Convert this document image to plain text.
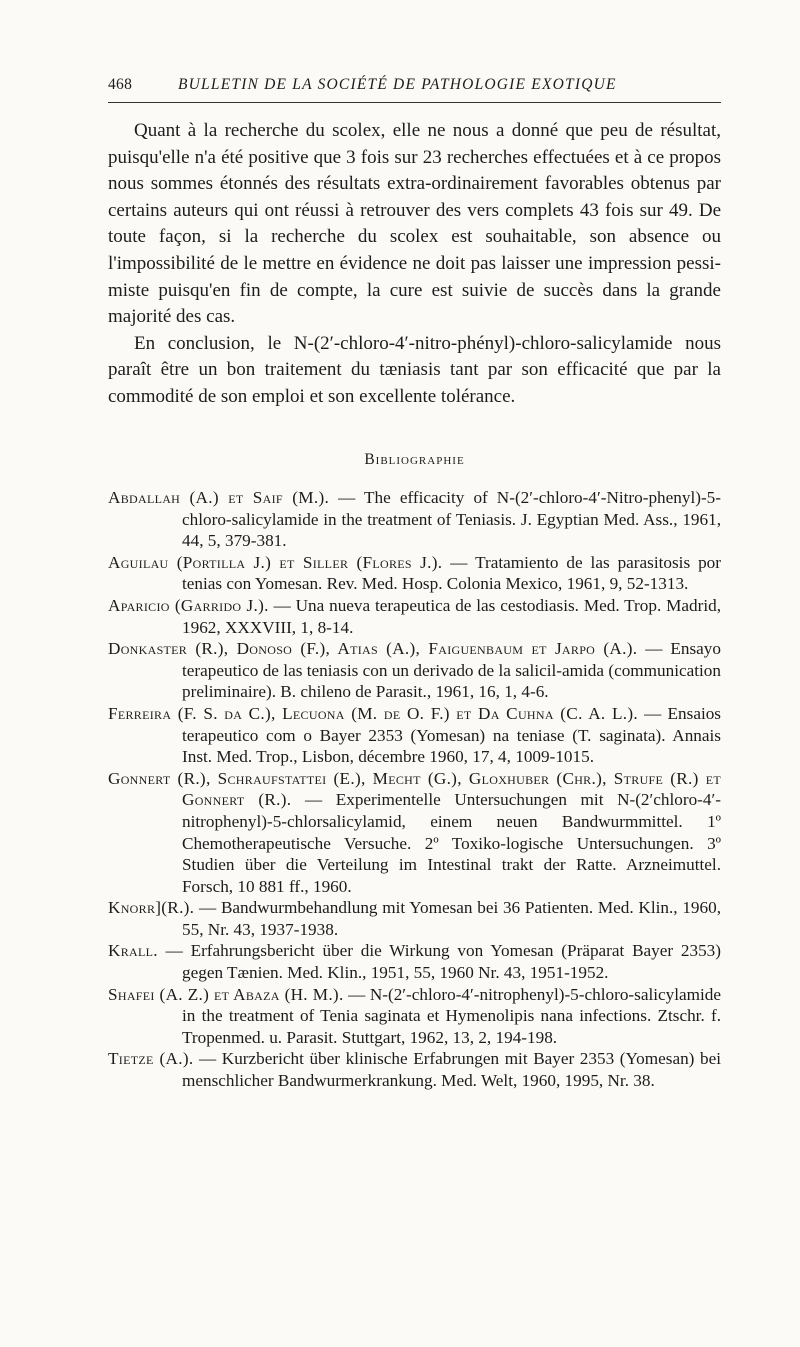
468	BULLETIN DE LA SOCIÉTÉ DE PATHOLOGIE EXOTIQUE

Quant à la recherche du scolex, elle ne nous a donné que peu de résultat, puisqu'elle n'a été positive que 3 fois sur 23 recherches effectuées et à ce propos nous sommes étonnés des résultats extra-ordinairement favorables obtenus par certains auteurs qui ont réussi à retrouver des vers complets 43 fois sur 49. De toute façon, si la recherche du scolex est souhaitable, son absence ou l'impossibilité de le mettre en évidence ne doit pas laisser une impression pessi-miste puisqu'en fin de compte, la cure est suivie de succès dans la grande majorité des cas.

En conclusion, le N-(2′-chloro-4′-nitro-phényl)-chloro-salicylamide nous paraît être un bon traitement du tæniasis tant par son efficacité que par la commodité de son emploi et son excellente tolérance.

Bibliographie

Abdallah (A.) et Saif (M.). — The efficacity of N-(2′-chloro-4′-Nitro-phenyl)-5-chloro-salicylamide in the treatment of Teniasis. J. Egyptian Med. Ass., 1961, 44, 5, 379-381.

Aguilau (Portilla J.) et Siller (Flores J.). — Tratamiento de las parasitosis por tenias con Yomesan. Rev. Med. Hosp. Colonia Mexico, 1961, 9, 52-1313.

Aparicio (Garrido J.). — Una nueva terapeutica de las cestodiasis. Med. Trop. Madrid, 1962, XXXVIII, 1, 8-14.

Donkaster (R.), Donoso (F.), Atias (A.), Faiguenbaum et Jarpo (A.). — Ensayo terapeutico de las teniasis con un derivado de la salicil-amida (communication preliminaire). B. chileno de Parasit., 1961, 16, 1, 4-6.

Ferreira (F. S. da C.), Lecuona (M. de O. F.) et Da Cuhna (C. A. L.). — Ensaios terapeutico com o Bayer 2353 (Yomesan) na teniase (T. saginata). Annais Inst. Med. Trop., Lisbon, décembre 1960, 17, 4, 1009-1015.

Gonnert (R.), Schraufstattei (E.), Mecht (G.), Gloxhuber (Chr.), Strufe (R.) et Gonnert (R.). — Experimentelle Untersuchungen mit N-(2′chloro-4′-nitrophenyl)-5-chlorsalicylamid, einem neuen Bandwurmmittel. 1º Chemotherapeutische Versuche. 2º Toxiko-logische Untersuchungen. 3º Studien über die Verteilung im Intestinal trakt der Ratte. Arzneimuttel. Forsch, 10 881 ff., 1960.

Knorr](R.). — Bandwurmbehandlung mit Yomesan bei 36 Patienten. Med. Klin., 1960, 55, Nr. 43, 1937-1938.

Krall. — Erfahrungsbericht über die Wirkung von Yomesan (Präparat Bayer 2353) gegen Tænien. Med. Klin., 1951, 55, 1960 Nr. 43, 1951-1952.

Shafei (A. Z.) et Abaza (H. M.). — N-(2′-chloro-4′-nitrophenyl)-5-chloro-salicylamide in the treatment of Tenia saginata et Hymenolipis nana infections. Ztschr. f. Tropenmed. u. Parasit. Stuttgart, 1962, 13, 2, 194-198.

Tietze (A.). — Kurzbericht über klinische Erfabrungen mit Bayer 2353 (Yomesan) bei menschlicher Bandwurmerkrankung. Med. Welt, 1960, 1995, Nr. 38.
